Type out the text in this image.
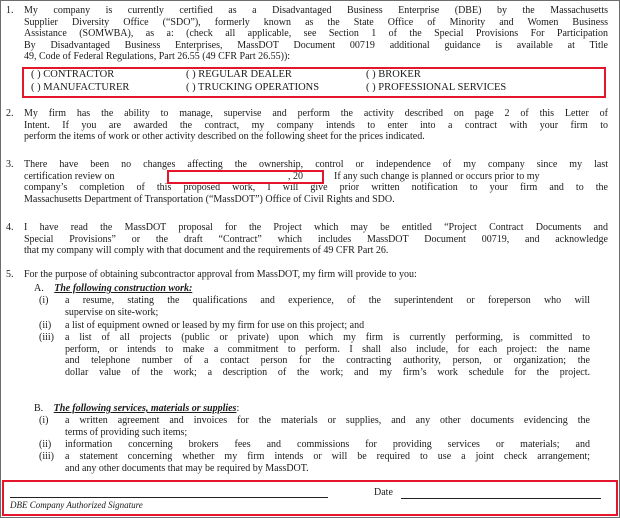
1.	My company is currently certified as a Disadvantaged Business Enterprise (DBE) by the Massachusetts
Supplier Diversity Office (“SDO”), formerly known as the State Office of Minority and Women Business
Assistance (SOMWBA), as a: (check all applicable, see Section 1 of the Special Provisions For Participation
By Disadvantaged Business Enterprises, MassDOT Document 00719 additional guidance is available at Title
49, Code of Federal Regulations, Part 26.55 (49 CFR Part 26.55)):
( ) CONTRACTOR	( ) REGULAR DEALER	( ) BROKER
( ) MANUFACTURER	( ) TRUCKING OPERATIONS	( ) PROFESSIONAL SERVICES
2.	My firm has the ability to manage, supervise and perform the activity described on page 2 of this Letter of
Intent. If you are awarded the contract, my company intends to enter into a contract with your firm to
perform the items of work or other activity described on the following sheet for the prices indicated.
3.	There have been no changes affecting the ownership, control or independence of my company since my last
certification review on	If any such change is planned or occurs prior to my
company’s completion of this proposed work, I will give prior written notification to your firm and to the
Massachusetts Department of Transportation (“MassDOT”) Office of Civil Rights and SDO.
, 20
4.	I have read the MassDOT proposal for the Project which may be entitled “Project Contract Documents and
Special Provisions” or the draft “Contract” which includes MassDOT Document 00719, and acknowledge
that my company will comply with that document and the requirements of 49 CFR Part 26.
5.	For the purpose of obtaining subcontractor approval from MassDOT, my firm will provide to you:
A. The following construction work:
(i)	a resume, stating the qualifications and experience, of the superintendent or foreperson who will
supervise on site-work;
(ii)	a list of equipment owned or leased by my firm for use on this project; and
(iii)	a list of all projects (public or private) upon which my firm is currently performing, is committed to
perform, or intends to make a commitment to perform. I shall also include, for each project: the name
and telephone number of a contact person for the contracting authority, person, or organization; the
dollar value of the work; a description of the work; and my firm’s work schedule for the project.
B. The following services, materials or supplies:
(i)	a written agreement and invoices for the materials or supplies, and any other documents evidencing the
terms of providing such items;
(ii)	information concerning brokers fees and commissions for providing services or materials; and
(iii)	a statement concerning whether my firm intends or will be required to use a joint check arrangement;
and any other documents that may be required by MassDOT.
DBE Company Authorized Signature
Date
